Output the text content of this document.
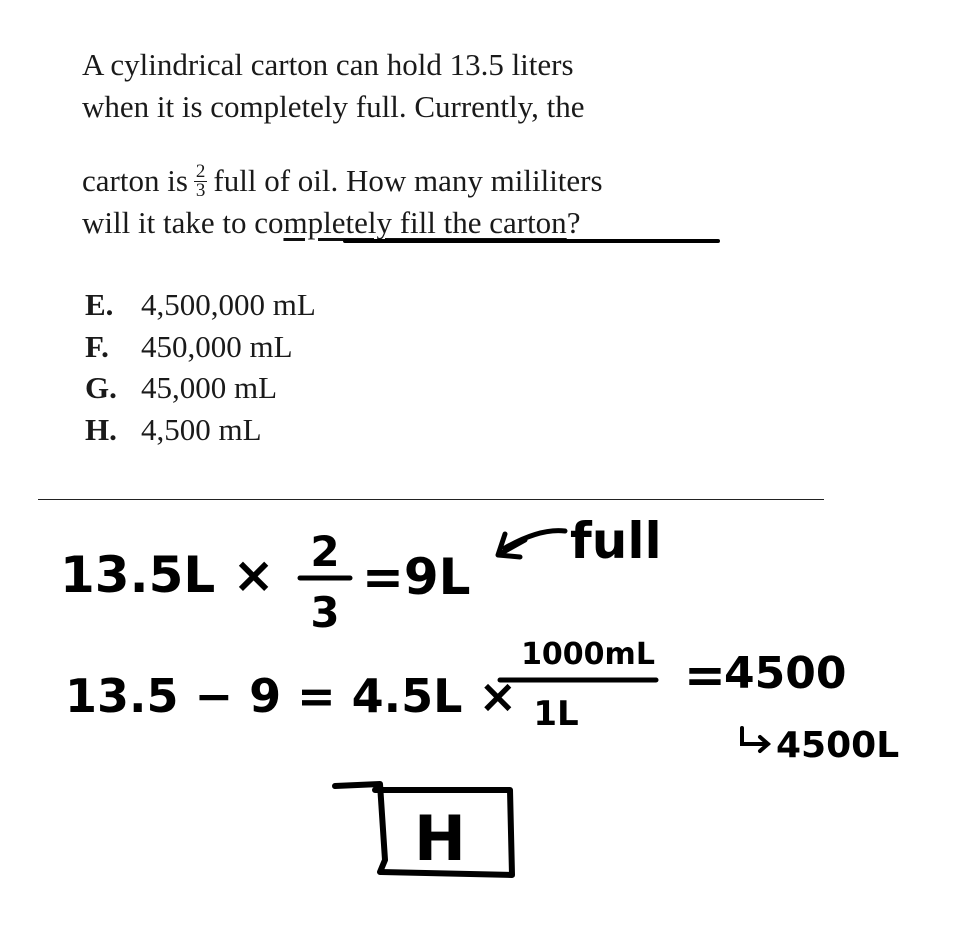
A cylindrical carton can hold 13.5 liters
when it is completely full. Currently, the
carton is $\frac{2}{3}$ full of oil. How many mililiters
will it take to completely fill the carton?
E. 4,500,000 mL
F. 450,000 mL
G. 45,000 mL
H. 4,500 mL
13.5L × 2
3
=9L
full
13.5 − 9 = 4.5L ×
1000mL
1L
=
4500
4500L
H
